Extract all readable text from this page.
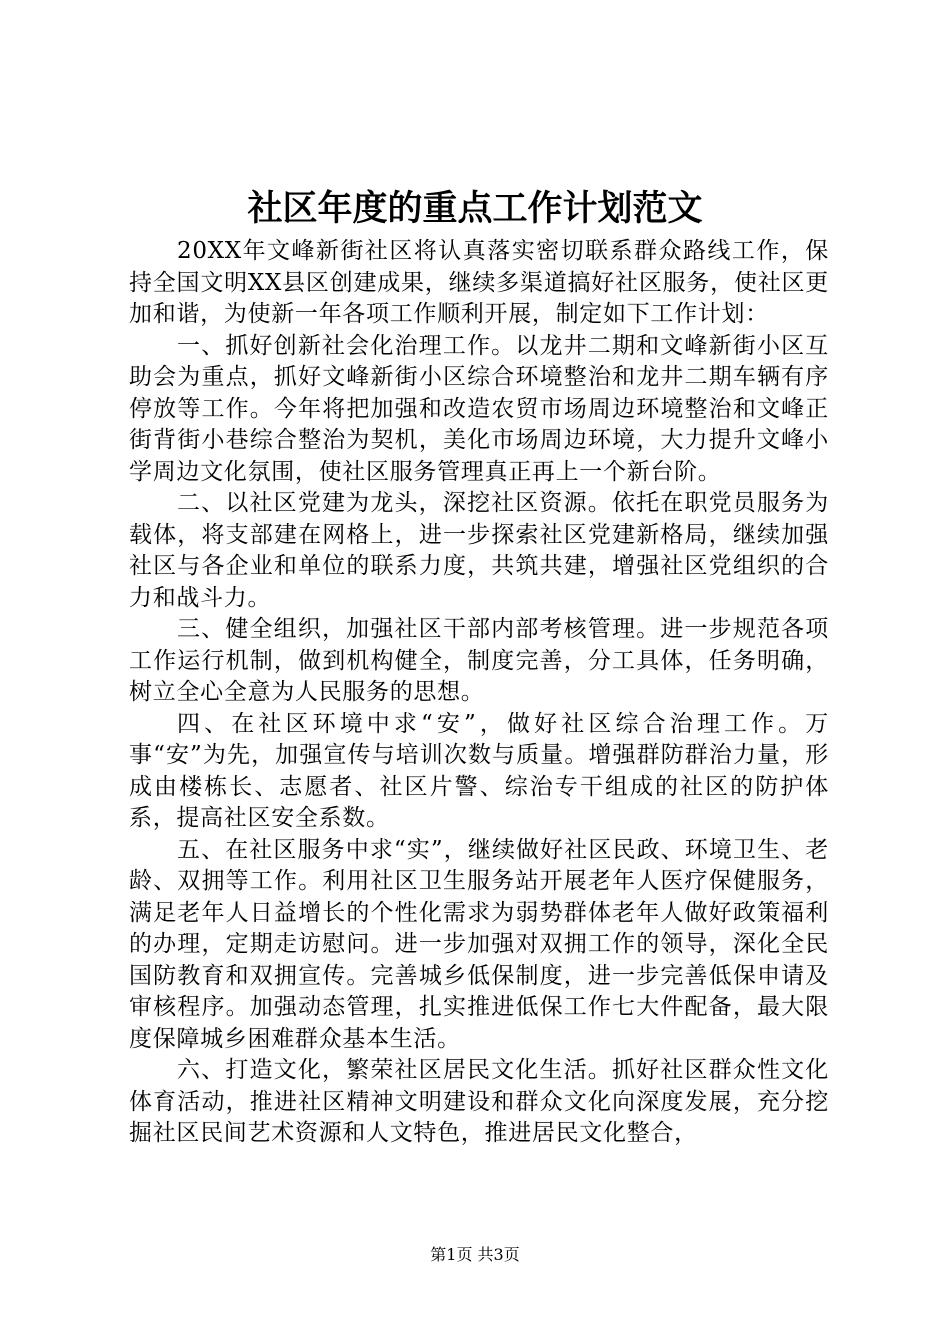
社区年度的重点工作计划范文

20XX年文峰新街社区将认真落实密切联系群众路线工作，保持全国文明XX县区创建成果，继续多渠道搞好社区服务，使社区更加和谐，为使新一年各项工作顺利开展，制定如下工作计划：

一、抓好创新社会化治理工作。以龙井二期和文峰新街小区互助会为重点，抓好文峰新街小区综合环境整治和龙井二期车辆有序停放等工作。今年将把加强和改造农贸市场周边环境整治和文峰正街背街小巷综合整治为契机，美化市场周边环境，大力提升文峰小学周边文化氛围，使社区服务管理真正再上一个新台阶。

二、以社区党建为龙头，深挖社区资源。依托在职党员服务为载体，将支部建在网格上，进一步探索社区党建新格局，继续加强社区与各企业和单位的联系力度，共筑共建，增强社区党组织的合力和战斗力。

三、健全组织，加强社区干部内部考核管理。进一步规范各项工作运行机制，做到机构健全，制度完善，分工具体，任务明确，树立全心全意为人民服务的思想。

四、在社区环境中求“安”，做好社区综合治理工作。万事“安”为先，加强宣传与培训次数与质量。增强群防群治力量，形成由楼栋长、志愿者、社区片警、综治专干组成的社区的防护体系，提高社区安全系数。

五、在社区服务中求“实”，继续做好社区民政、环境卫生、老龄、双拥等工作。利用社区卫生服务站开展老年人医疗保健服务，满足老年人日益增长的个性化需求为弱势群体老年人做好政策福利的办理，定期走访慰问。进一步加强对双拥工作的领导，深化全民国防教育和双拥宣传。完善城乡低保制度，进一步完善低保申请及审核程序。加强动态管理，扎实推进低保工作七大件配备，最大限度保障城乡困难群众基本生活。

六、打造文化，繁荣社区居民文化生活。抓好社区群众性文化体育活动，推进社区精神文明建设和群众文化向深度发展，充分挖掘社区民间艺术资源和人文特色，推进居民文化整合，

第1页 共3页
